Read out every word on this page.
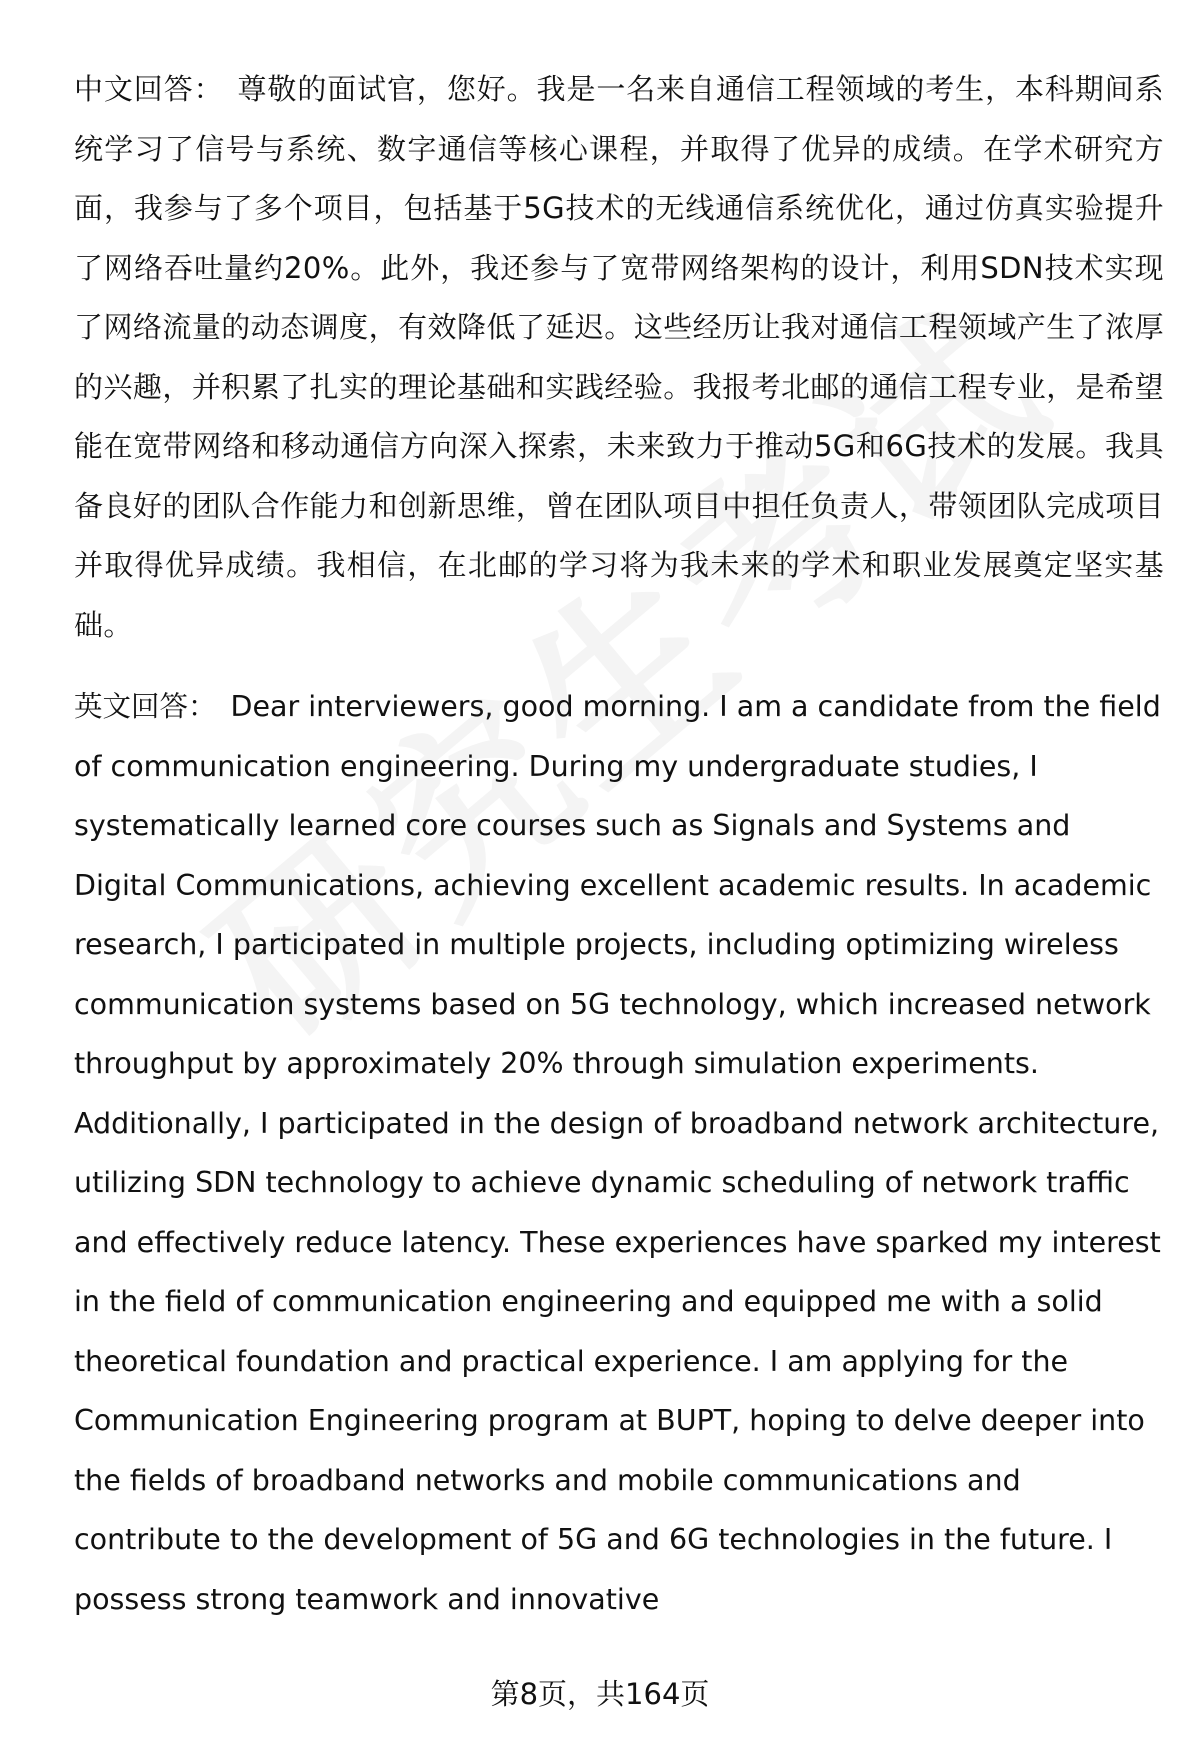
中文回答： 尊敬的面试官，您好。我是一名来自通信工程领域的考生，本科期间系统学习了信号与系统、数字通信等核心课程，并取得了优异的成绩。在学术研究方面，我参与了多个项目，包括基于5G技术的无线通信系统优化，通过仿真实验提升了网络吞吐量约20%。此外，我还参与了宽带网络架构的设计，利用SDN技术实现了网络流量的动态调度，有效降低了延迟。这些经历让我对通信工程领域产生了浓厚的兴趣，并积累了扎实的理论基础和实践经验。我报考北邮的通信工程专业，是希望能在宽带网络和移动通信方向深入探索，未来致力于推动5G和6G技术的发展。我具备良好的团队合作能力和创新思维，曾在团队项目中担任负责人，带领团队完成项目并取得优异成绩。我相信，在北邮的学习将为我未来的学术和职业发展奠定坚实基础。

英文回答： Dear interviewers, good morning. I am a candidate from the field of communication engineering. During my undergraduate studies, I systematically learned core courses such as Signals and Systems and Digital Communications, achieving excellent academic results. In academic research, I participated in multiple projects, including optimizing wireless communication systems based on 5G technology, which increased network throughput by approximately 20% through simulation experiments. Additionally, I participated in the design of broadband network architecture, utilizing SDN technology to achieve dynamic scheduling of network traffic and effectively reduce latency. These experiences have sparked my interest in the field of communication engineering and equipped me with a solid theoretical foundation and practical experience. I am applying for the Communication Engineering program at BUPT, hoping to delve deeper into the fields of broadband networks and mobile communications and contribute to the development of 5G and 6G technologies in the future. I possess strong teamwork and innovative

第8页，共164页
